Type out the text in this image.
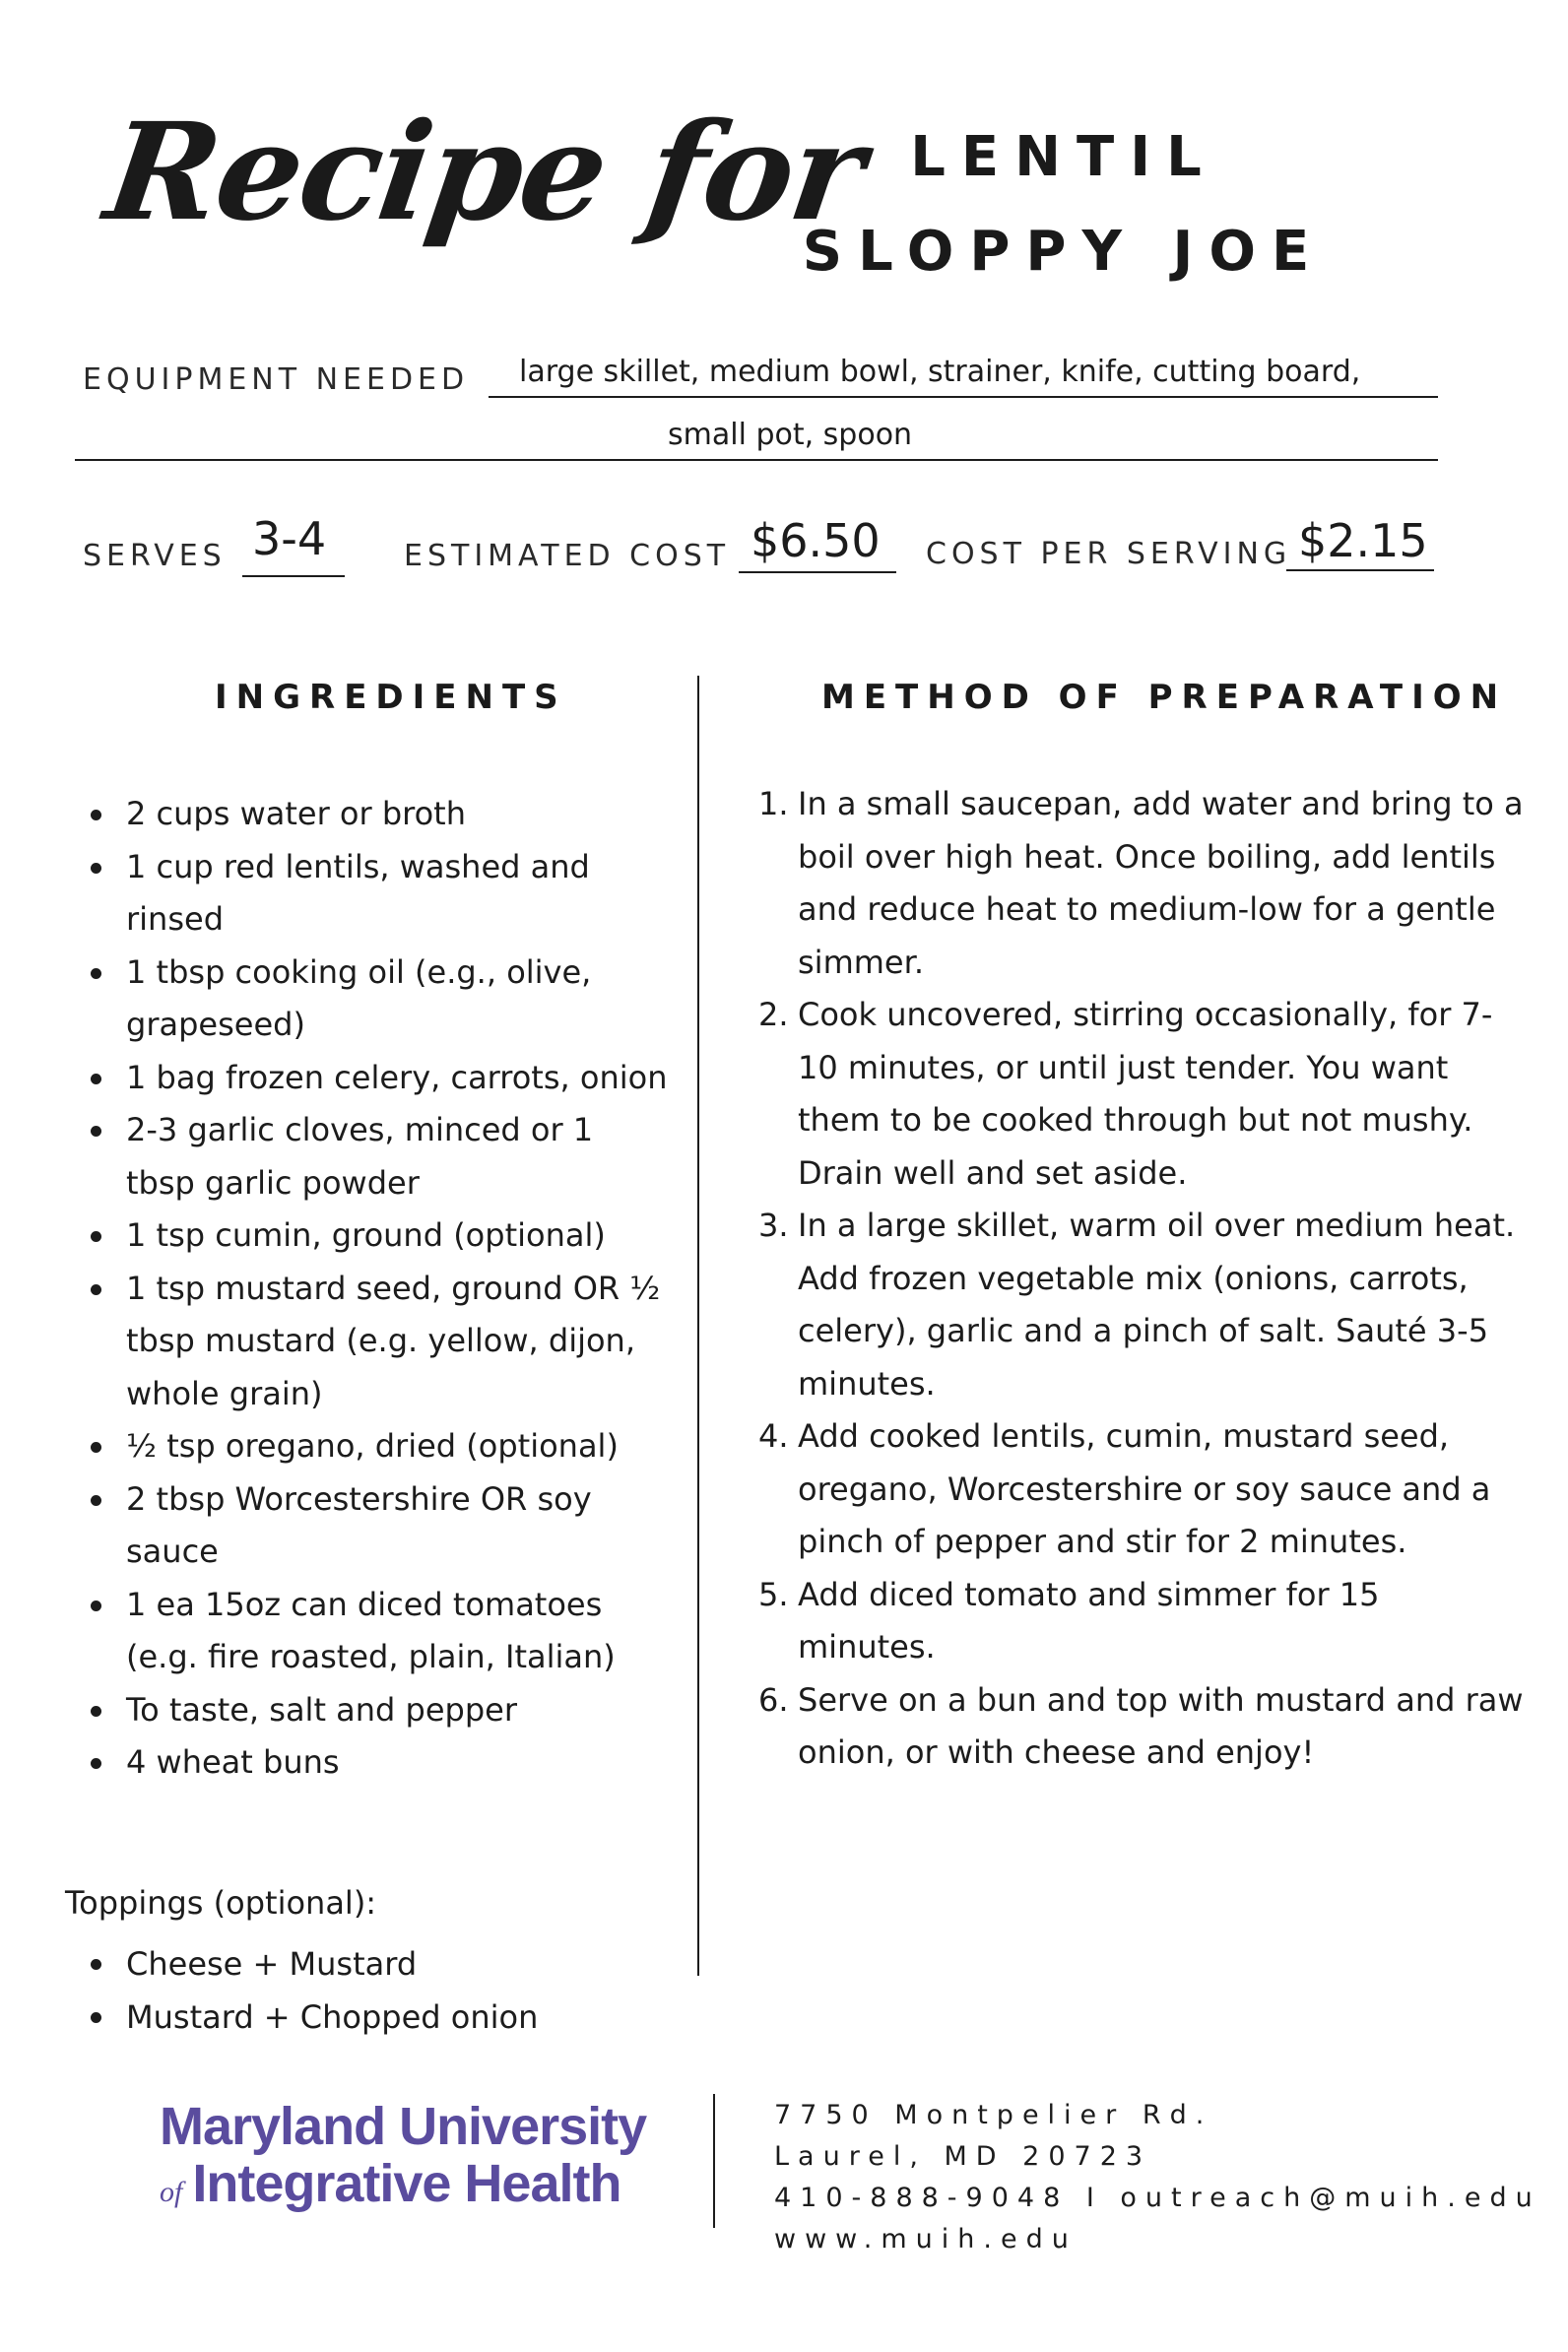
Recipe for LENTIL
SLOPPY JOE
EQUIPMENT NEEDED large skillet, medium bowl, strainer, knife, cutting board,
small pot, spoon
SERVES 3-4	ESTIMATED COST $6.50 COST PER SERVING $2.15
INGREDIENTS	METHOD OF PREPARATION
2 cups water or broth
1 cup red lentils, washed and rinsed
1 tbsp cooking oil (e.g., olive, grapeseed)
1 bag frozen celery, carrots, onion
2-3 garlic cloves, minced or 1 tbsp garlic powder
1 tsp cumin, ground (optional)
1 tsp mustard seed, ground OR ½ tbsp mustard (e.g. yellow, dijon, whole grain)
½ tsp oregano, dried (optional)
2 tbsp Worcestershire OR soy sauce
1 ea 15oz can diced tomatoes (e.g. fire roasted, plain, Italian)
To taste, salt and pepper
4 wheat buns
Toppings (optional):
Cheese + Mustard
Mustard + Chopped onion
1. In a small saucepan, add water and bring to a boil over high heat. Once boiling, add lentils and reduce heat to medium-low for a gentle simmer.
2. Cook uncovered, stirring occasionally, for 7-10 minutes, or until just tender. You want them to be cooked through but not mushy. Drain well and set aside.
3. In a large skillet, warm oil over medium heat. Add frozen vegetable mix (onions, carrots, celery), garlic and a pinch of salt. Sauté 3-5 minutes.
4. Add cooked lentils, cumin, mustard seed, oregano, Worcestershire or soy sauce and a pinch of pepper and stir for 2 minutes.
5. Add diced tomato and simmer for 15 minutes.
6. Serve on a bun and top with mustard and raw onion, or with cheese and enjoy!
Maryland University
of Integrative Health
7750 Montpelier Rd.
Laurel, MD 20723
410-888-9048 I outreach@muih.edu
www.muih.edu
